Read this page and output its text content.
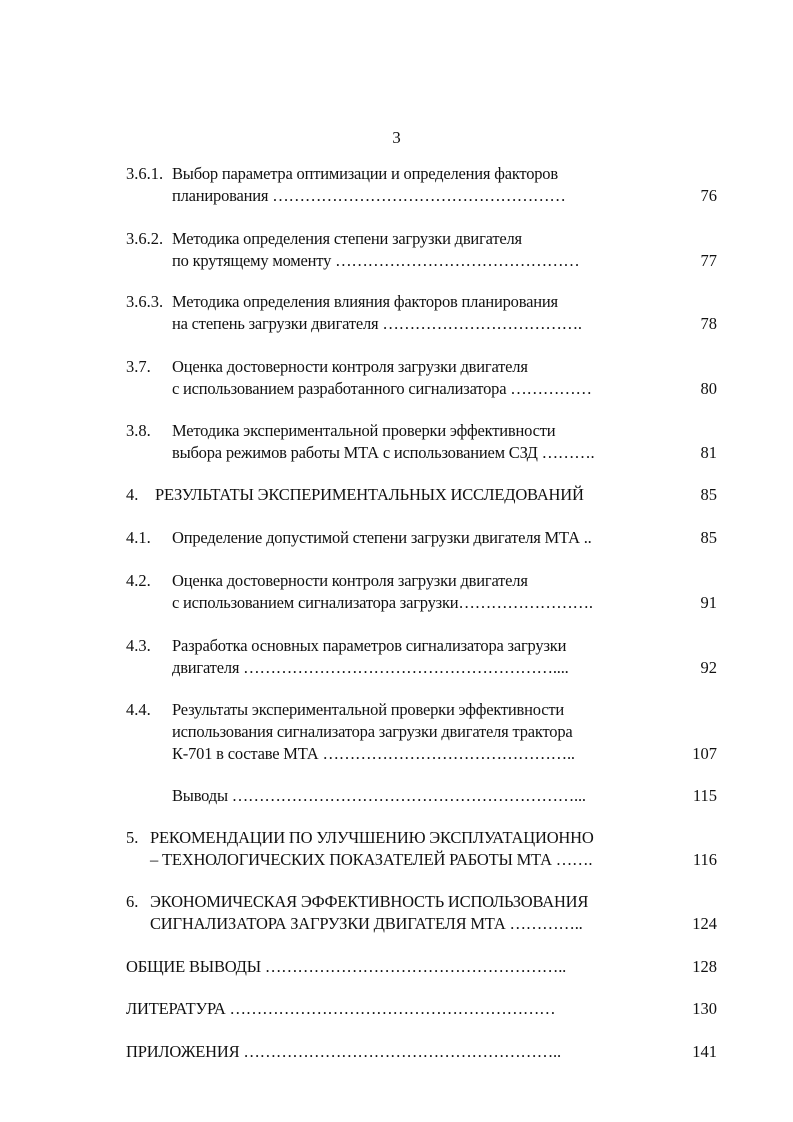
3
3.6.1. Выбор параметра оптимизации и определения факторов
планирования ………………………………………………	76
3.6.2. Методика определения степени загрузки двигателя
по крутящему моменту ………………………………………	77
3.6.3. Методика определения влияния факторов планирования
на степень загрузки двигателя ……………………………….	78
3.7. Оценка достоверности контроля загрузки двигателя
с использованием разработанного сигнализатора ……………	80
3.8. Методика экспериментальной проверки эффективности
выбора режимов работы МТА с использованием СЗД ……….	81
4. РЕЗУЛЬТАТЫ ЭКСПЕРИМЕНТАЛЬНЫХ ИССЛЕДОВАНИЙ	85
4.1. Определение допустимой степени загрузки двигателя МТА ..	85
4.2. Оценка достоверности контроля загрузки двигателя
с использованием сигнализатора загрузки…………………….	91
4.3. Разработка основных параметров сигнализатора загрузки
двигателя …………………………………………………....	92
4.4. Результаты экспериментальной проверки эффективности
использования сигнализатора загрузки двигателя трактора
К-701 в составе МТА ………………………………………..	107
Выводы ………………………………………………………...	115
5. РЕКОМЕНДАЦИИ ПО УЛУЧШЕНИЮ ЭКСПЛУАТАЦИОННО
– ТЕХНОЛОГИЧЕСКИХ ПОКАЗАТЕЛЕЙ РАБОТЫ МТА …….	116
6. ЭКОНОМИЧЕСКАЯ ЭФФЕКТИВНОСТЬ ИСПОЛЬЗОВАНИЯ
СИГНАЛИЗАТОРА ЗАГРУЗКИ ДВИГАТЕЛЯ МТА …………..	124
ОБЩИЕ ВЫВОДЫ ………………………………………………..	128
ЛИТЕРАТУРА ……………………………………………………	130
ПРИЛОЖЕНИЯ …………………………………………………..	141
